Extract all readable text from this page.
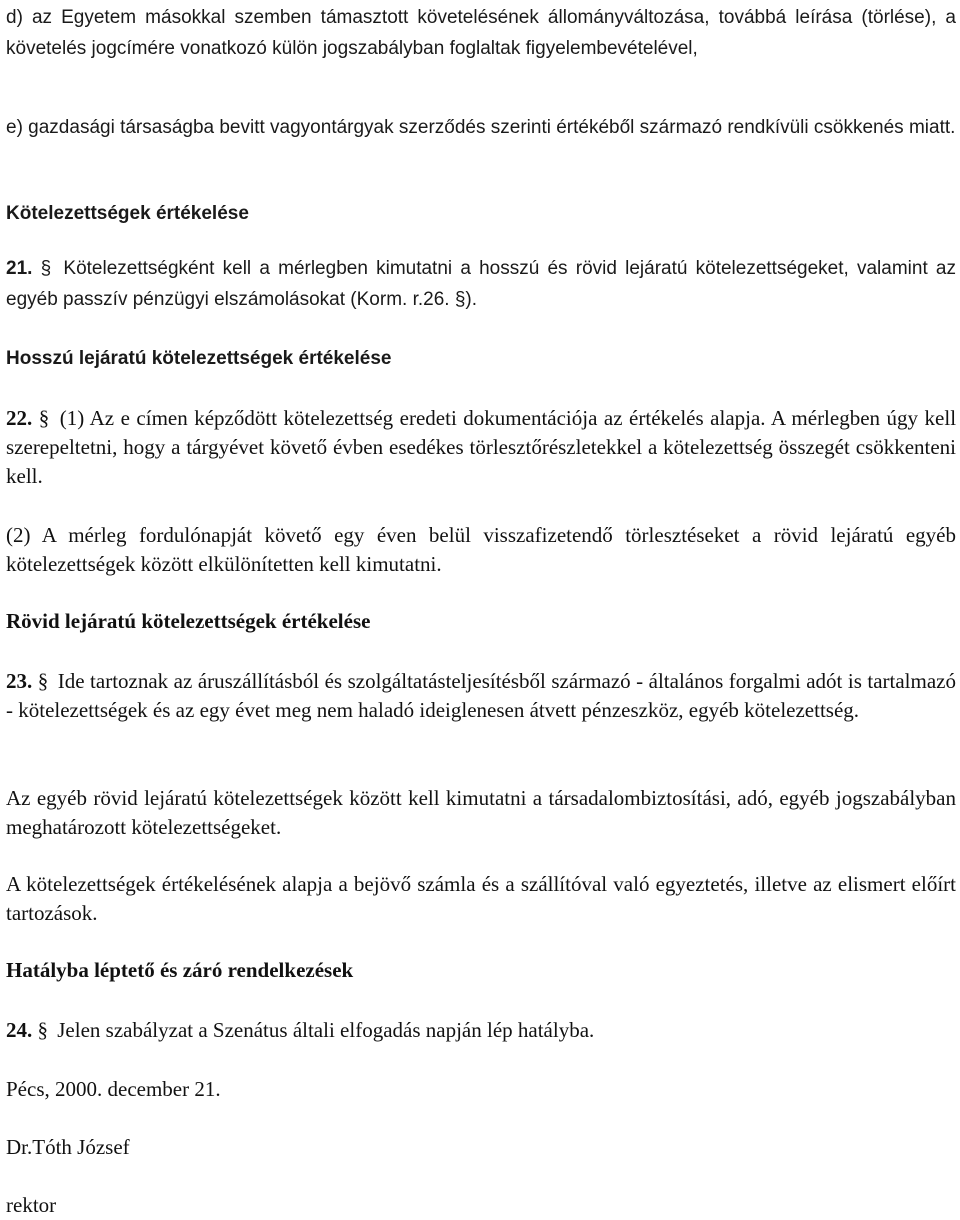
d) az Egyetem másokkal szemben támasztott követelésének állományváltozása, továbbá leírása (törlése), a követelés jogcímére vonatkozó külön jogszabályban foglaltak figyelembevételével,

e) gazdasági társaságba bevitt vagyontárgyak szerződés szerinti értékéből származó rendkívüli csökkenés miatt.

Kötelezettségek értékelése

21. § Kötelezettségként kell a mérlegben kimutatni a hosszú és rövid lejáratú kötelezettségeket, valamint az egyéb passzív pénzügyi elszámolásokat (Korm. r.26. §).

Hosszú lejáratú kötelezettségek értékelése

22. § (1) Az e címen képződött kötelezettség eredeti dokumentációja az értékelés alapja. A mérlegben úgy kell szerepeltetni, hogy a tárgyévet követő évben esedékes törlesztőrészletekkel a kötelezettség összegét csökkenteni kell.

(2) A mérleg fordulónapját követő egy éven belül visszafizetendő törlesztéseket a rövid lejáratú egyéb kötelezettségek között elkülönítetten kell kimutatni.

Rövid lejáratú kötelezettségek értékelése

23. § Ide tartoznak az áruszállításból és szolgáltatásteljesítésből származó - általános forgalmi adót is tartalmazó - kötelezettségek és az egy évet meg nem haladó ideiglenesen átvett pénzeszköz, egyéb kötelezettség.

Az egyéb rövid lejáratú kötelezettségek között kell kimutatni a társadalombiztosítási, adó, egyéb jogszabályban meghatározott kötelezettségeket.

A kötelezettségek értékelésének alapja a bejövő számla és a szállítóval való egyeztetés, illetve az elismert előírt tartozások.

Hatályba léptető és záró rendelkezések

24. § Jelen szabályzat a Szenátus általi elfogadás napján lép hatályba.

Pécs, 2000. december 21.

Dr.Tóth József

rektor
